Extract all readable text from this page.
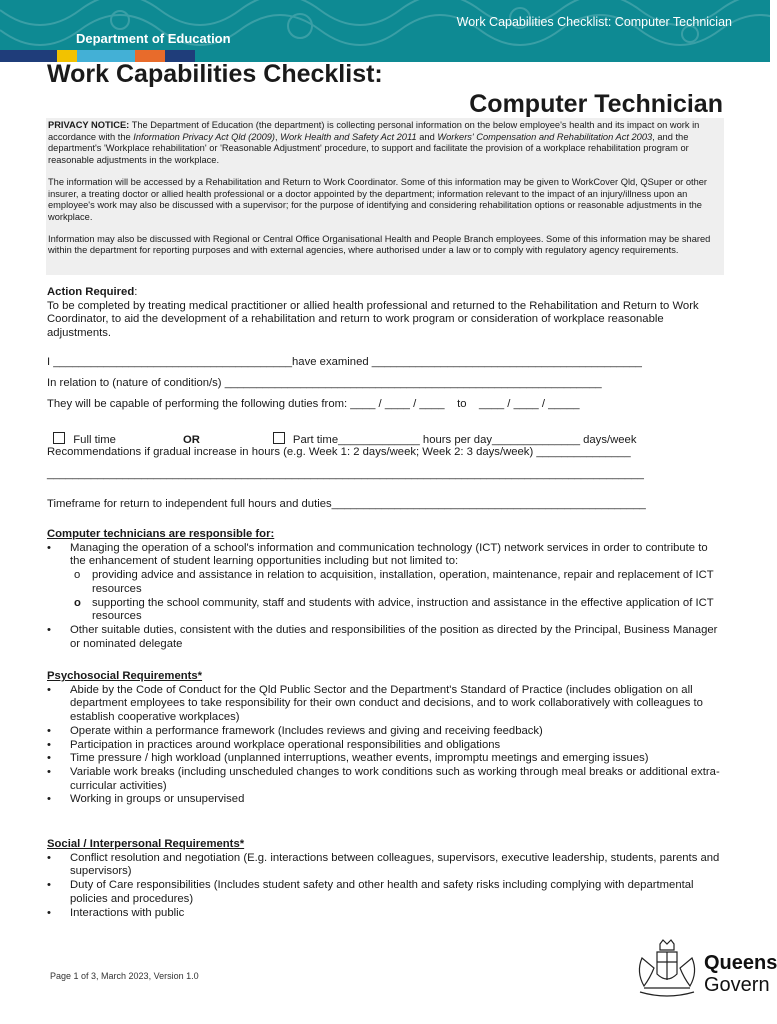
Department of Education
Work Capabilities Checklist: Computer Technician
Work Capabilities Checklist:
Computer Technician

PRIVACY NOTICE: The Department of Education (the department) is collecting personal information on the below employee's health and its impact on work in accordance with the Information Privacy Act Qld (2009), Work Health and Safety Act 2011 and Workers' Compensation and Rehabilitation Act 2003, and the department's 'Workplace rehabilitation' or 'Reasonable Adjustment' procedure, to support and facilitate the provision of a workplace rehabilitation program or reasonable adjustments in the workplace.

The information will be accessed by a Rehabilitation and Return to Work Coordinator. Some of this information may be given to WorkCover Qld, QSuper or other insurer, a treating doctor or allied health professional or a doctor appointed by the department; information relevant to the impact of an injury/illness upon an employee's work may also be discussed with a supervisor; for the purpose of identifying and considering rehabilitation options or reasonable adjustments in the workplace.

Information may also be discussed with Regional or Central Office Organisational Health and People Branch employees. Some of this information may be shared within the department for reporting purposes and with external agencies, where authorised under a law or to comply with regulatory agency requirements.

Action Required:
To be completed by treating medical practitioner or allied health professional and returned to the Rehabilitation and Return to Work Coordinator, to aid the development of a rehabilitation and return to work program or consideration of workplace reasonable adjustments.
I ______________________________________have examined ___________________________________________
In relation to (nature of condition/s) ____________________________________________________________
They will be capable of performing the following duties from: ____ / ____ / ____    to    ____ / ____ / _____

Full time	OR	Part time_____________ hours per day______________ days/week

Recommendations if gradual increase in hours (e.g. Week 1: 2 days/week; Week 2: 3 days/week) _______________
_______________________________________________________________________________________________
Timeframe for return to independent full hours and duties__________________________________________________
Computer technicians are responsible for:
• Managing the operation of a school's information and communication technology (ICT) network services in order to contribute to the enhancement of student learning opportunities including but not limited to:
o providing advice and assistance in relation to acquisition, installation, operation, maintenance, repair and replacement of ICT resources
o supporting the school community, staff and students with advice, instruction and assistance in the effective application of ICT resources
• Other suitable duties, consistent with the duties and responsibilities of the position as directed by the Principal, Business Manager or nominated delegate
Psychosocial Requirements*
• Abide by the Code of Conduct for the Qld Public Sector and the Department's Standard of Practice (includes obligation on all department employees to take responsibility for their own conduct and decisions, and to work collaboratively with colleagues to establish cooperative workplaces)
• Operate within a performance framework (Includes reviews and giving and receiving feedback)
• Participation in practices around workplace operational responsibilities and obligations
• Time pressure / high workload (unplanned interruptions, weather events, impromptu meetings and emerging issues)
• Variable work breaks (including unscheduled changes to work conditions such as working through meal breaks or additional extra-curricular activities)
• Working in groups or unsupervised
Social / Interpersonal Requirements*
• Conflict resolution and negotiation (E.g. interactions between colleagues, supervisors, executive leadership, students, parents and supervisors)
• Duty of Care responsibilities (Includes student safety and other health and safety risks including complying with departmental policies and procedures)
• Interactions with public
Page 1 of 3, March 2023, Version 1.0
Queens
Govern
